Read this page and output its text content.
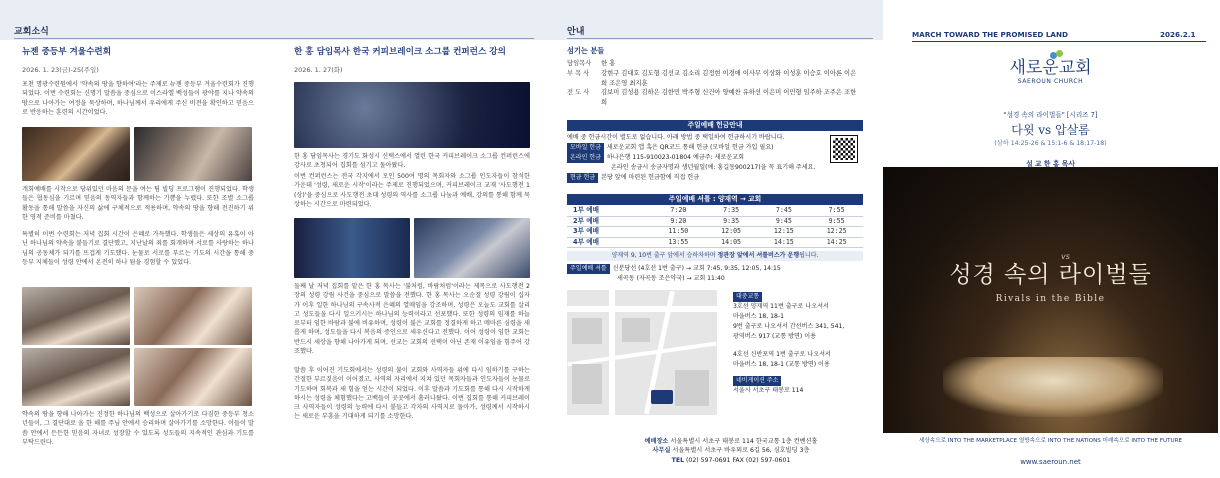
교회소식
뉴젠 중등부 겨울수련회
2026. 1. 23(금)-25(주일)
포천 명광수련원에서 '약속의 땅을 향하여'라는 주제로 뉴젠 중등부 겨울수련회가 진행되었다. 이번 수련회는 신명기 말씀을 중심으로 이스라엘 백성들이 광야를 지나 약속의 땅으로 나아가는 여정을 묵상하며, 하나님께서 우리에게 주신 비전을 확인하고 믿음으로 반응하는 훈련의 시간이었다.
개회예배를 시작으로 당위있던 마음의 문을 여는 팀 빌딩 프로그램이 진행되었다. 학생들은 협동심을 기르며 믿음의 동역자들과 함께하는 기쁨을 누렸다. 또한 조별 소그룹 활동을 통해 말씀을 자신의 삶에 구체적으로 적용하며, 약속의 땅을 향해 전진하기 위한 영적 준비를 마쳤다.
특별히 이번 수련회는 저녁 집회 시간이 은혜로 가득했다. 학생들은 세상의 유혹이 아닌 하나님의 약속을 붙들기로 결단했고, 지난날의 죄를 회개하며 서로를 사랑하는 하나님의 공동체가 되기를 뜨겁게 기도했다. 눈물로 서로를 부르는 기도의 시간을 통해 중등부 지체들이 성령 안에서 온전히 하나 됨을 경험할 수 있었다.
약속의 땅을 향해 나아가는 진정한 하나님의 백성으로 살아가기로 다짐한 중등부 청소년들이, 그 결단대로 올 한 해를 주님 안에서 승리하며 살아가기를 소망한다. 이들이 말씀 안에서 든든한 믿음의 자녀로 성장할 수 있도록 성도들의 지속적인 관심과 기도를 부탁드린다.
한 홍 담임목사 한국 커피브레이크 소그룹 컨퍼런스 강의
2026. 1. 27(화)
한 홍 담임목사는 경기도 화성시 신택스에서 열린 한국 커피브레이크 소그룹 컨퍼런스에 강사로 초청되어 집회를 섬기고 돌아왔다.
이번 컨퍼런스는 전국 각지에서 모인 500여 명의 목회자와 소그룹 인도자들이 참석한 가운데 '성령, 새로운 시작'이라는 주제로 진행되었으며, 커피브레이크 교재 '사도행전 1 (상)'을 중심으로 사도행전 초대 성령의 역사를 소그룹 나눔과 예배, 강의를 통해 함께 묵상하는 시간으로 마련되었다.
둘째 날 저녁 집회를 맡은 한 홍 목사는 '불처럼, 바람처럼'이라는 제목으로 사도행전 2장의 성령 강림 사건을 중심으로 말씀을 전했다. 한 홍 목사는 오순절 성령 강림이 십자가 이후 일한 하나님의 구속사적 은혜의 열매임을 강조하며, 성령은 오늘도 교회를 살리고 성도들을 다시 일으키시는 하나님의 능력이라고 선포했다. 또한 성령의 임재를 하늘로부터 임한 바람과 불에 비유하며, 성령이 불은 교회를 정결하게 하고 메마른 심령을 새롭게 하며, 성도들을 다시 복음의 증인으로 세우신다고 전했다. 이어 성령이 임한 교회는 반드시 세상을 향해 나아가게 되며, 선교는 교회의 선택이 아닌 존재 이유임을 힘주어 강조했다.
말씀 후 이어진 기도회에서는 성령의 불이 교회와 사역자들 위에 다시 임하기를 구하는 간절한 부르짖음이 이어졌고, 사역의 자리에서 지쳐 있던 목회자들과 인도자들이 눈물로 기도하며 회복과 새 힘을 얻는 시간이 되었다. 이후 말씀과 기도회를 통해 다시 시작하게 하시는 성령을 체험했다는 고백들이 곳곳에서 흘러나왔다. 이번 집회를 통해 커피브레이크 사역자들이 성령의 능력에 다시 붙들고 각자의 사역지로 돌아가, 성령께서 시작하시는 새로운 부흥을 기대하게 되기를 소망한다.
안내
섬기는 분들
담임목사 한 홍
부 목 사	강현구 김대호 김도형 김선교 김소리 김정현 이경애 이사무 이상화 이성훈 이승호 이아론 이은희 조은영 최지훈
전 도 사	김보미 김성용 김하은 김한민 박주형 신건아 양예찬 유하선 이은미 이민형 임주하 조주은 조한희
주일예배 헌금안내
예배 중 헌금시간이 별도로 없습니다. 아래 방법 중 택일하여 헌금하시기 바랍니다.
모바일 헌금 새로운교회 앱 혹은 QR코드 통해 헌금 (모바일 헌금 가입 필요)
온라인 헌금 하나은행 115-910023-01804 예금주: 새로운교회
온라인 송금시 송금자명과 생년월일(예: 홍길동900217)을 꼭 표기해 주세요.
현금 헌금 본당 앞에 마련된 헌금함에 직접 헌금
주일예배 셔틀 : 양재역 → 교회
1부 예배	7:20	7:35	7:45	7:55
2부 예배	9:20	9:35	9:45	9:55
3부 예배	11:50	12:05	12:15	12:25
4부 예배	13:55	14:05	14:15	14:25
양재역 9, 10번 출구 앞에서 승하차하며 정관장 앞에서 셔틀버스가 운행됩니다.
주일예배 셔틀 신분당선 (4호선 1번 출구) → 교회 7:45, 9:35, 12:05, 14:15
세곡동 (자곡동 조은약국) → 교회 11:40
대중교통
3호선 양재역 11번 출구로 나오셔서
마을버스 18, 18-1
9번 출구로 나오셔서 간선버스 341, 541,
광역버스 917 (교통 방면) 이용
4호선 신반포역 1번 출구로 나오셔서
마을버스 18, 18-1 (교통 방면) 이용
네비게이션 주소
서울시 서초구 태봉로 114
예배장소 서울특별시 서초구 태봉로 114 한국교통 1층 컨벤션홀
사무실 서울특별시 서초구 바우뫼로 6길 56, 심호빌딩 3층
TEL (02) 597-0691 FAX (02) 597-0601
MARCH TOWARD THE PROMISED LAND	2026.2.1
새로운교회
SAEROUN CHURCH
"성경 속의 라이벌들" [시리즈 7]
다윗 vs 압살롬
(삼하 14:25-26 & 15:1-6 & 18:17-18)
성경 속의 라이벌들
vs
Rivals in the Bible
설 교 한 홍 목사
세상속으로 INTO THE MARKETPLACE 열방속으로 INTO THE NATIONS 미래속으로 INTO THE FUTURE
www.saeroun.net
